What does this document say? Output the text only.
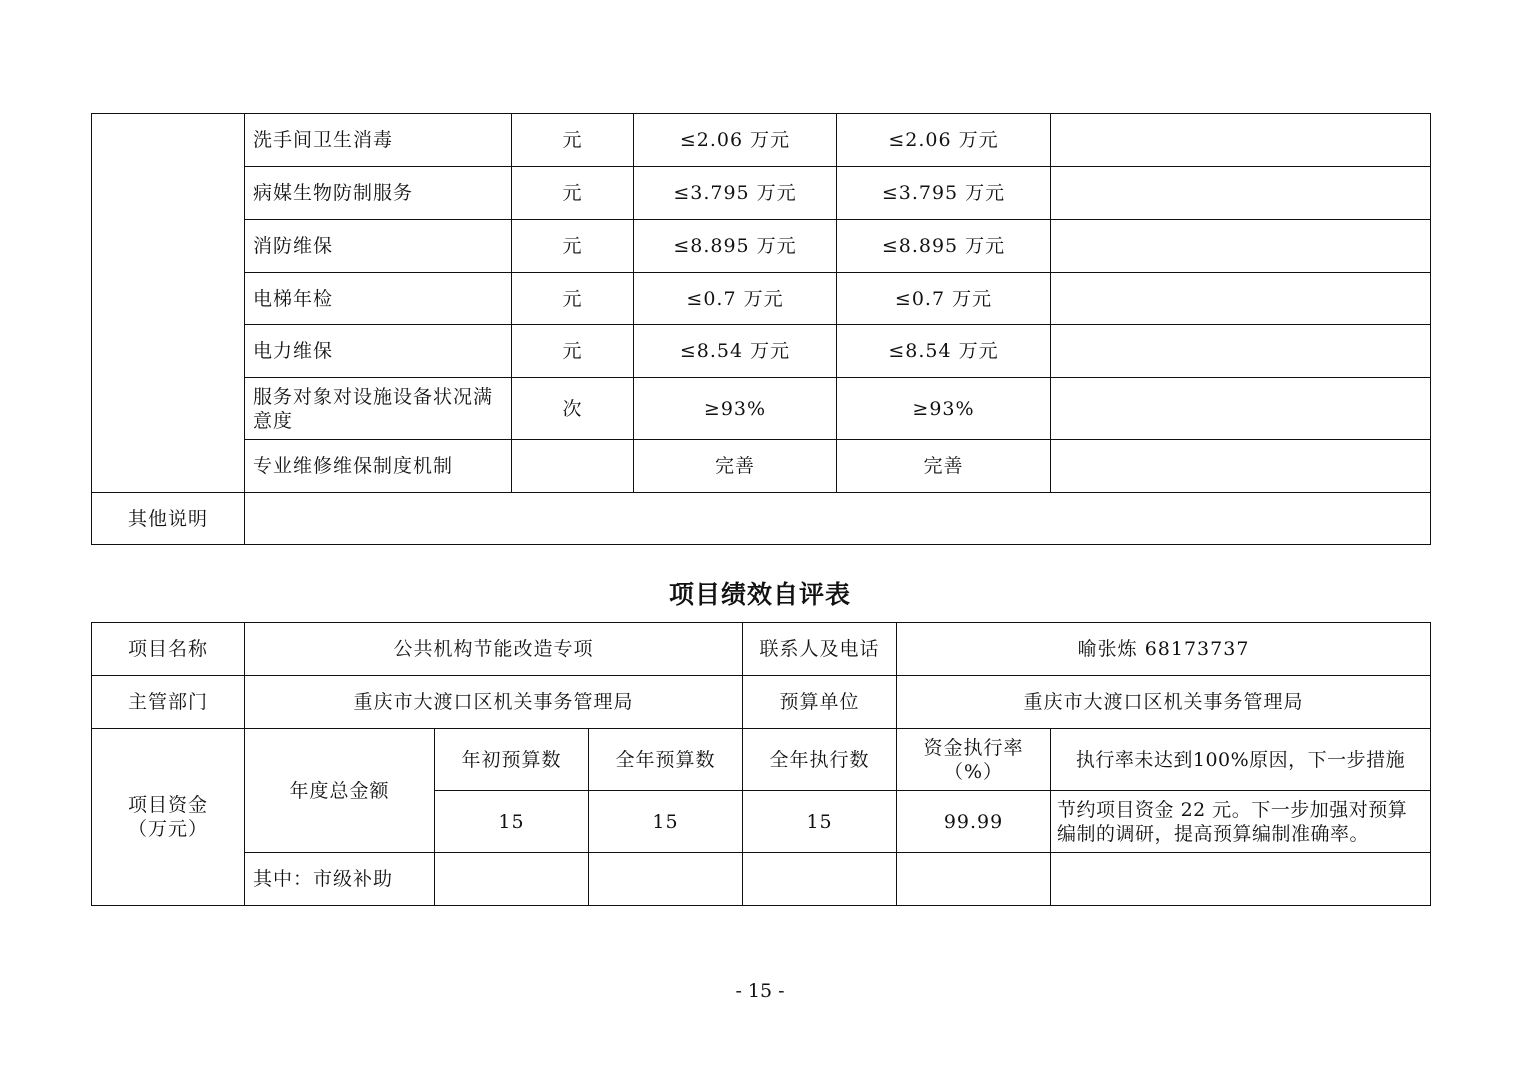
	洗手间卫生消毒	元	≤2.06 万元	≤2.06 万元	
	病媒生物防制服务	元	≤3.795 万元	≤3.795 万元	
	消防维保	元	≤8.895 万元	≤8.895 万元	
	电梯年检	元	≤0.7 万元	≤0.7 万元	
	电力维保	元	≤8.54 万元	≤8.54 万元	
	服务对象对设施设备状况满意度	次	≥93%	≥93%	
	专业维修维保制度机制		完善	完善	
其他说明					
项目绩效自评表
项目名称	公共机构节能改造专项			联系人及电话	喻张炼 68173737	
主管部门	重庆市大渡口区机关事务管理局			预算单位	重庆市大渡口区机关事务管理局	
项目资金（万元）	年度总金额	年初预算数	全年预算数	全年执行数	资金执行率（%）	执行率未达到100%原因，下一步措施
		15	15	15	99.99	节约项目资金 22 元。下一步加强对预算编制的调研，提高预算编制准确率。
	其中：市级补助					
- 15 -
